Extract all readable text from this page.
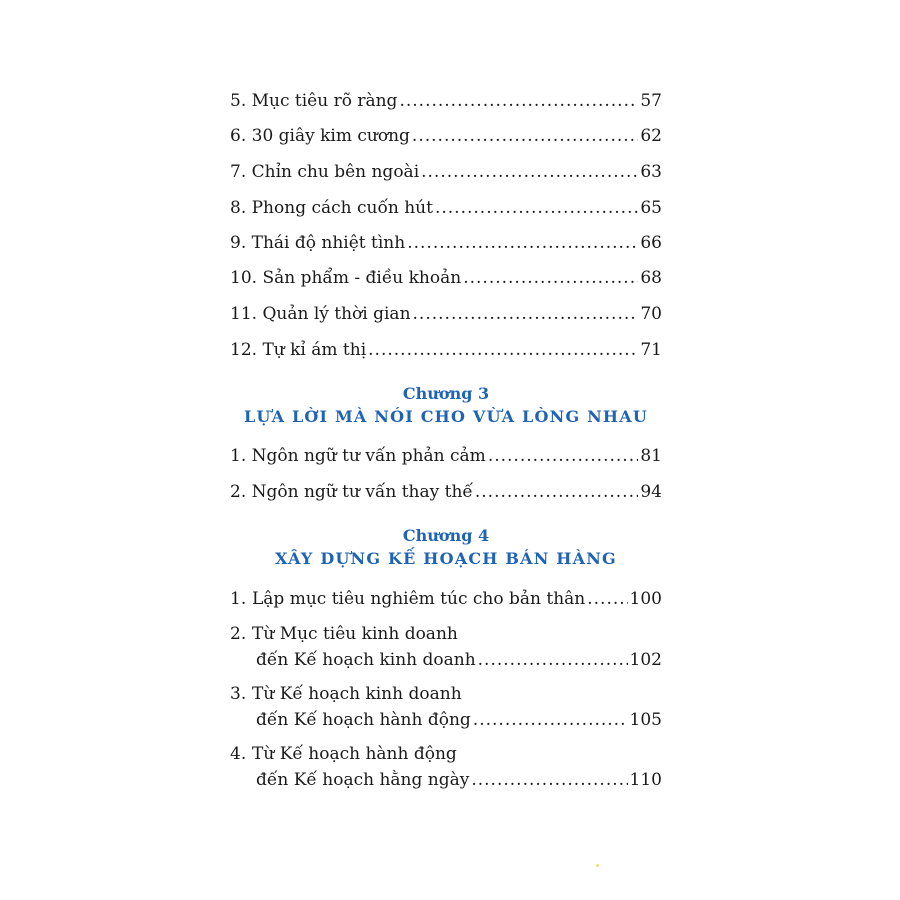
5. Mục tiêu rõ ràng .....	57
6. 30 giây kim cương .....	62
7. Chỉn chu bên ngoài .....	63
8. Phong cách cuốn hút .....	65
9. Thái độ nhiệt tình .....	66
10. Sản phẩm - điều khoản .....	68
11. Quản lý thời gian .....	70
12. Tự kỉ ám thị .....	71
Chương 3
LỰA LỜI MÀ NÓI CHO VỪA LÒNG NHAU
1. Ngôn ngữ tư vấn phản cảm .....	81
2. Ngôn ngữ tư vấn thay thế .....	94
Chương 4
XÂY DỰNG KẾ HOẠCH BÁN HÀNG
1. Lập mục tiêu nghiêm túc cho bản thân .....	100
2. Từ Mục tiêu kinh doanh
đến Kế hoạch kinh doanh .....	102
3. Từ Kế hoạch kinh doanh
đến Kế hoạch hành động .....	105
4. Từ Kế hoạch hành động
đến Kế hoạch hằng ngày .....	110
